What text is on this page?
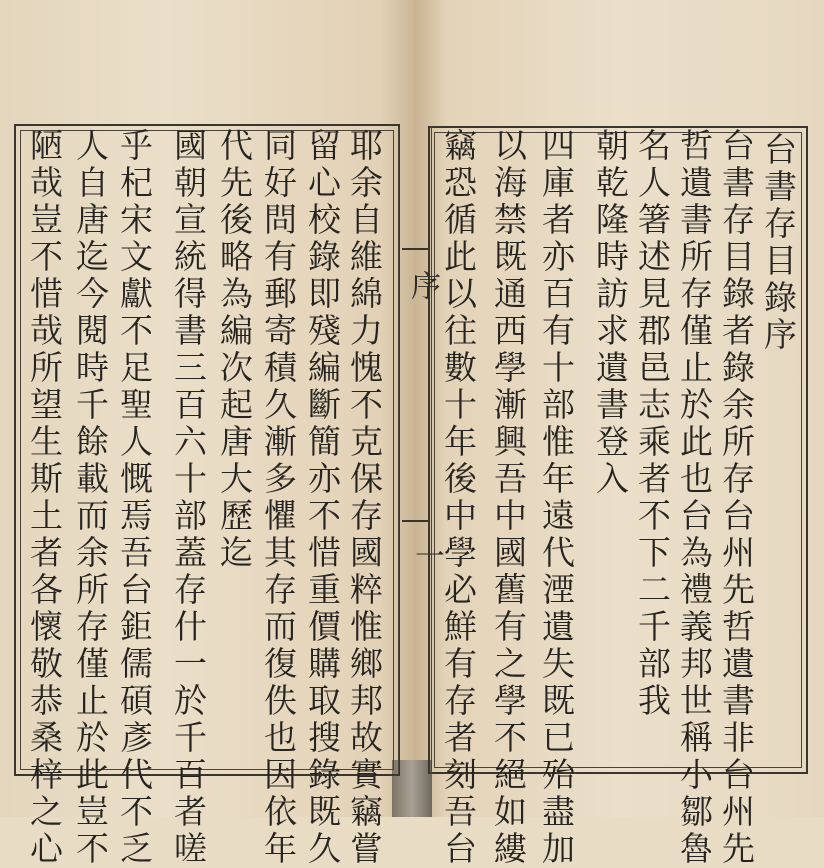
序
一
台書存目錄序
台書存目錄者錄余所存台州先哲遺書非台州先
哲遺書所存僅止於此也台為禮義邦世稱小鄒魯
名人箸述見郡邑志乘者不下二千部我
朝乾隆時訪求遺書登入
四庫者亦百有十部惟年遠代湮遺失既已殆盡加
以海禁既通西學漸興吾中國舊有之學不絕如縷
竊恐循此以往數十年後中學必鮮有存者刻吾台
耶余自維綿力愧不克保存國粹惟鄉邦故實竊嘗
留心校錄即殘編斷簡亦不惜重價購取搜錄既久
同好問有郵寄積久漸多懼其存而復佚也因依年
代先後略為編次起唐大歷迄
國朝宣統得書三百六十部蓋存什一於千百者嗟
乎杞宋文獻不足聖人慨焉吾台鉅儒碩彥代不乏
人自唐迄今閱時千餘載而余所存僅止於此豈不
陋哉豈不惜哉所望生斯土者各懷敬恭桑梓之心
